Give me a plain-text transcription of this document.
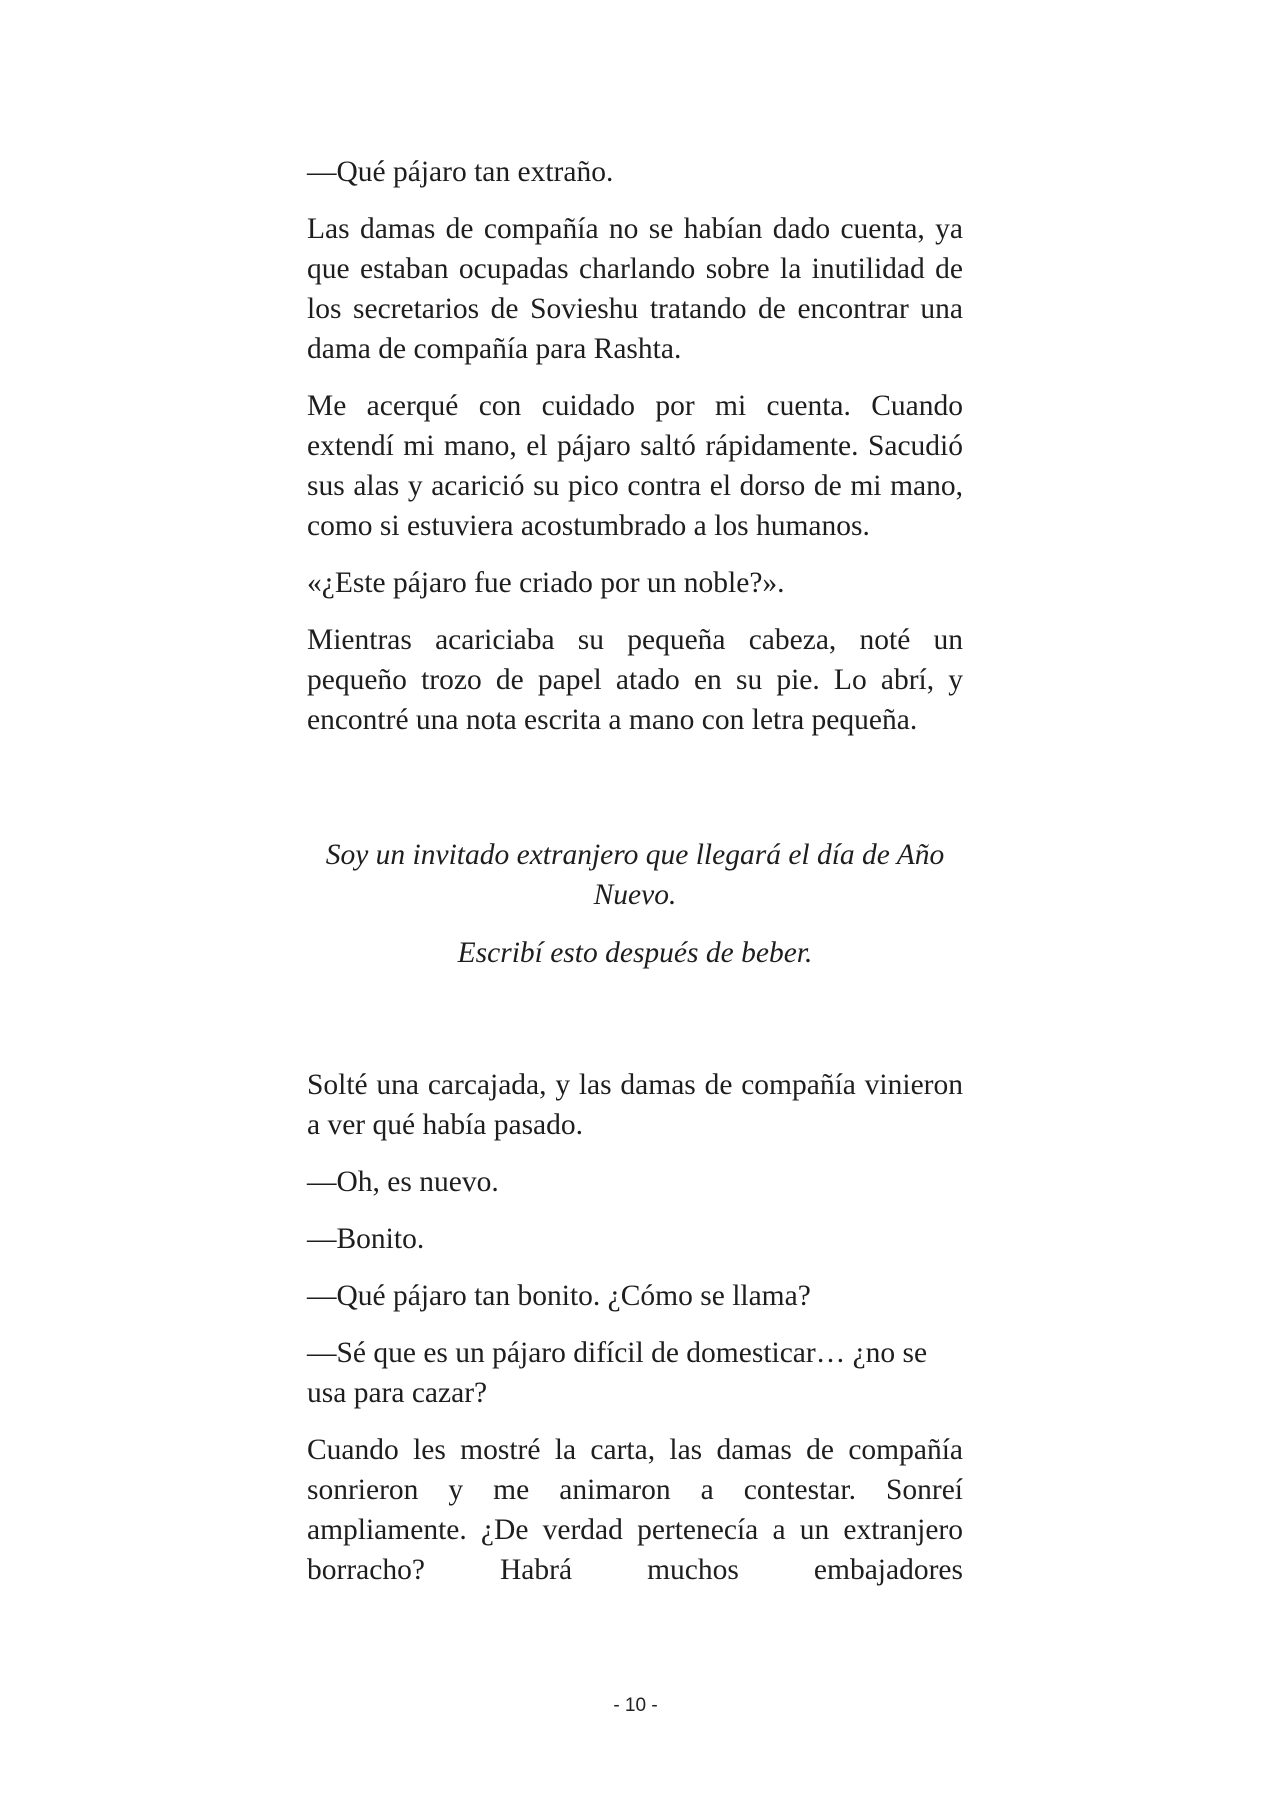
—Qué pájaro tan extraño.

Las damas de compañía no se habían dado cuenta, ya que estaban ocupadas charlando sobre la inutilidad de los secretarios de Sovieshu tratando de encontrar una dama de compañía para Rashta.

Me acerqué con cuidado por mi cuenta. Cuando extendí mi mano, el pájaro saltó rápidamente. Sacudió sus alas y acarició su pico contra el dorso de mi mano, como si estuviera acostumbrado a los humanos.

«¿Este pájaro fue criado por un noble?».

Mientras acariciaba su pequeña cabeza, noté un pequeño trozo de papel atado en su pie. Lo abrí, y encontré una nota escrita a mano con letra pequeña.

Soy un invitado extranjero que llegará el día de Año Nuevo.

Escribí esto después de beber.

Solté una carcajada, y las damas de compañía vinieron a ver qué había pasado.

—Oh, es nuevo.

—Bonito.

—Qué pájaro tan bonito. ¿Cómo se llama?

—Sé que es un pájaro difícil de domesticar… ¿no se usa para cazar?

Cuando les mostré la carta, las damas de compañía sonrieron y me animaron a contestar. Sonreí ampliamente. ¿De verdad pertenecía a un extranjero borracho? Habrá muchos embajadores

- 10 -
